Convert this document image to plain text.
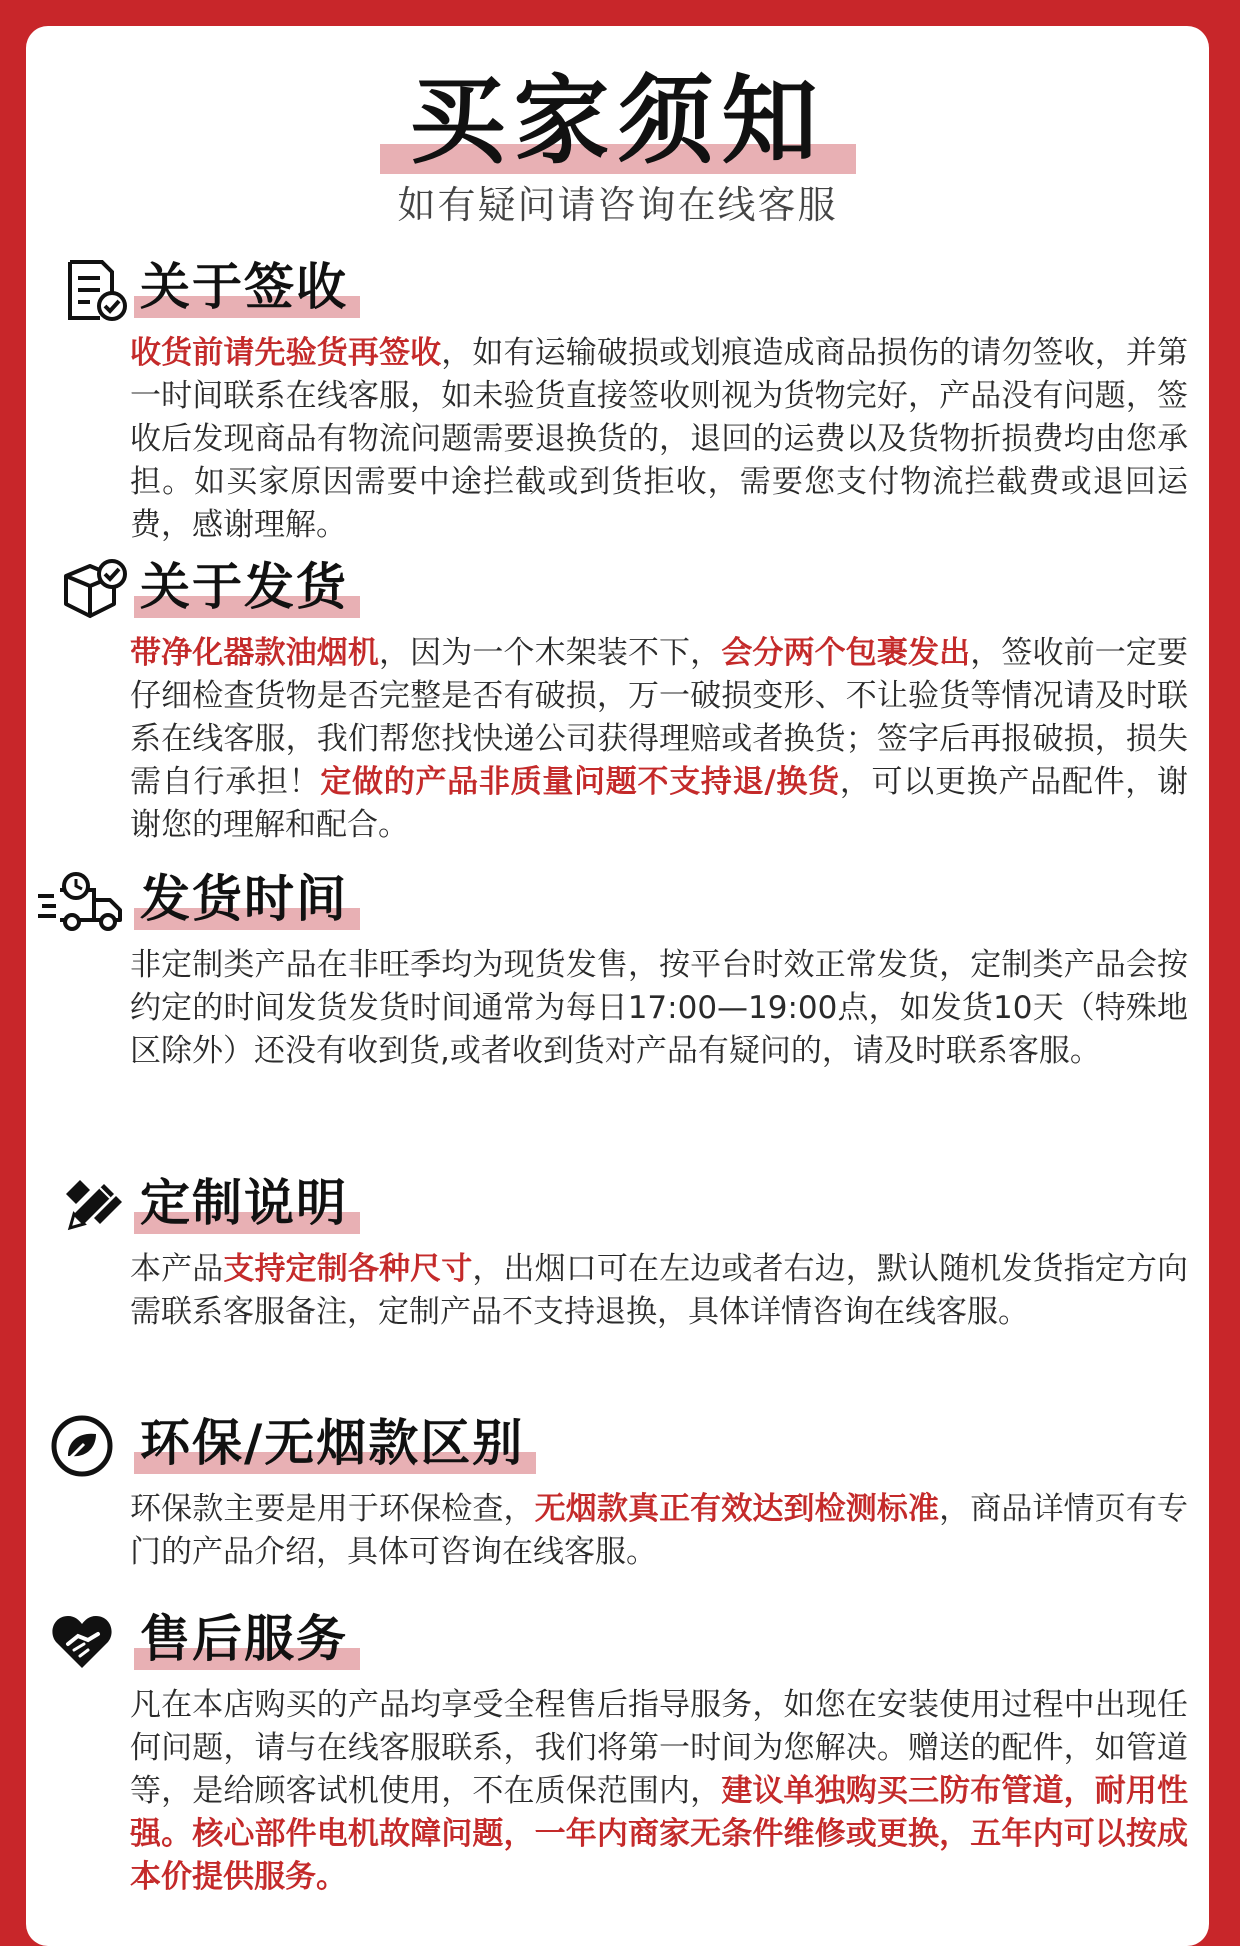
买家须知
如有疑问请咨询在线客服
关于签收

收货前请先验货再签收，如有运输破损或划痕造成商品损伤的请勿签收，并第一时间联系在线客服，如未验货直接签收则视为货物完好，产品没有问题，签收后发现商品有物流问题需要退换货的，退回的运费以及货物折损费均由您承担。如买家原因需要中途拦截或到货拒收，需要您支付物流拦截费或退回运费，感谢理解。

关于发货

带净化器款油烟机，因为一个木架装不下，会分两个包裹发出，签收前一定要仔细检查货物是否完整是否有破损，万一破损变形、不让验货等情况请及时联系在线客服，我们帮您找快递公司获得理赔或者换货；签字后再报破损，损失需自行承担！定做的产品非质量问题不支持退/换货，可以更换产品配件，谢谢您的理解和配合。

发货时间

非定制类产品在非旺季均为现货发售，按平台时效正常发货，定制类产品会按约定的时间发货发货时间通常为每日17:00—19:00点，如发货10天（特殊地区除外）还没有收到货,或者收到货对产品有疑问的，请及时联系客服。

定制说明

本产品支持定制各种尺寸，出烟口可在左边或者右边，默认随机发货指定方向需联系客服备注，定制产品不支持退换，具体详情咨询在线客服。

环保/无烟款区别

环保款主要是用于环保检查，无烟款真正有效达到检测标准，商品详情页有专门的产品介绍，具体可咨询在线客服。

售后服务

凡在本店购买的产品均享受全程售后指导服务，如您在安装使用过程中出现任何问题，请与在线客服联系，我们将第一时间为您解决。赠送的配件，如管道等，是给顾客试机使用，不在质保范围内，建议单独购买三防布管道，耐用性强。核心部件电机故障问题，一年内商家无条件维修或更换，五年内可以按成本价提供服务。
